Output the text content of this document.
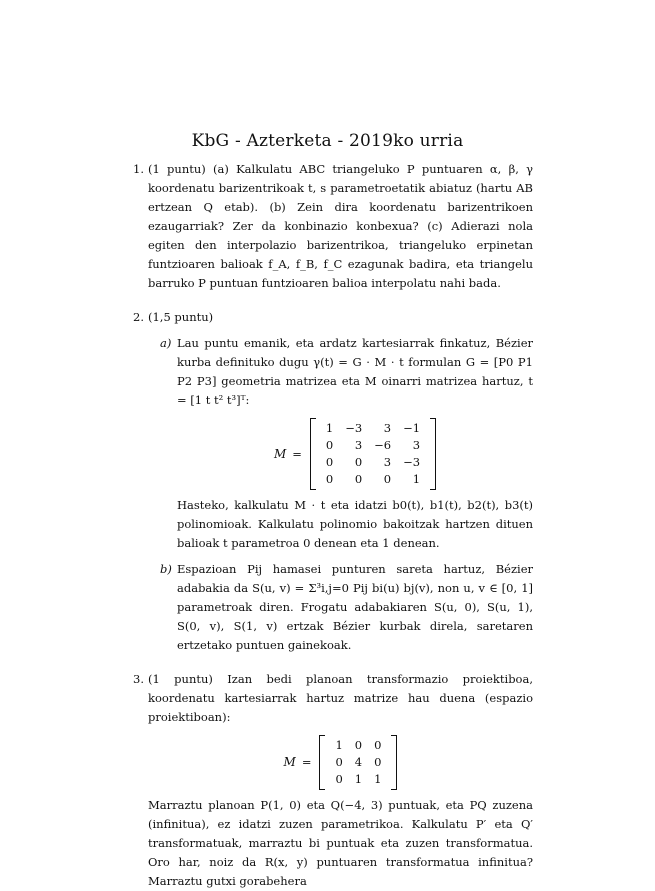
KbG - Azterketa - 2019ko urria
1. (1 puntu) (a) Kalkulatu ABC triangeluko P puntuaren α, β, γ koordenatu barizentrikoak t, s parametroetatik abiatuz (hartu AB ertzean Q etab). (b) Zein dira koordenatu barizentrikoen ezaugarriak? Zer da konbinazio konbexua? (c) Adierazi nola egiten den interpolazio barizentrikoa, triangeluko erpinetan funtzioaren balioak f_A, f_B, f_C ezagunak badira, eta triangelu barruko P puntuan funtzioaren balioa interpolatu nahi bada.

2. (1,5 puntu)

a) Lau puntu emanik, eta ardatz kartesiarrak finkatuz, Bézier kurba definituko dugu γ(t) = G · M · t formulan G = [P0 P1 P2 P3] geometria matrizea eta M oinarri matrizea hartuz, t = [1 t t² t³]ᵀ:

M =
1	−3	3	−1
0	3	−6	3
0	0	3	−3
0	0	0	1

Hasteko, kalkulatu M · t eta idatzi b0(t), b1(t), b2(t), b3(t) polinomioak. Kalkulatu polinomio bakoitzak hartzen dituen balioak t parametroa 0 denean eta 1 denean.

b) Espazioan Pij hamasei punturen sareta hartuz, Bézier adabakia da S(u, v) = Σ³i,j=0 Pij bi(u) bj(v), non u, v ∈ [0, 1] parametroak diren. Frogatu adabakiaren S(u, 0), S(u, 1), S(0, v), S(1, v) ertzak Bézier kurbak direla, saretaren ertzetako puntuen gainekoak.

3. (1 puntu) Izan bedi planoan transformazio proiektiboa, koordenatu kartesiarrak hartuz matrize hau duena (espazio proiektiboan):

M =
1	0	0
0	4	0
0	1	1

Marraztu planoan P(1, 0) eta Q(−4, 3) puntuak, eta PQ zuzena (infinitua), ez idatzi zuzen parametrikoa. Kalkulatu P′ eta Q′ transformatuak, marraztu bi puntuak eta zuzen transformatua. Oro har, noiz da R(x, y) puntuaren transformatua infinitua? Marraztu gutxi gorabehera
